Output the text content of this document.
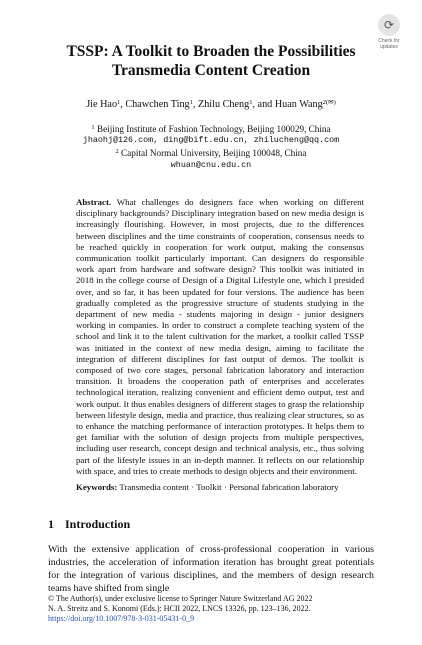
⟳
Check for
updates
TSSP: A Toolkit to Broaden the Possibilities
Transmedia Content Creation
Jie Hao$^1$, Chawchen Ting$^1$, Zhilu Cheng$^1$, and Huan Wang$^{2(✉)}$
$^1$ Beijing Institute of Fashion Technology, Beijing 100029, China
jhaohj@126.com, ding@bift.edu.cn, zhilucheng@qq.com
$^2$ Capital Normal University, Beijing 100048, China
whuan@cnu.edu.cn
Abstract. What challenges do designers face when working on different disciplinary backgrounds? Disciplinary integration based on new media design is increasingly flourishing. However, in most projects, due to the differences between disciplines and the time constraints of cooperation, consensus needs to be reached quickly in cooperation for work output, making the consensus communication toolkit particularly important. Can designers do responsible work apart from hardware and software design? This toolkit was initiated in 2018 in the college course of Design of a Digital Lifestyle one, which I presided over, and so far, it has been updated for four versions. The audience has been gradually completed as the progressive structure of students studying in the department of new media - students majoring in design - junior designers working in companies. In order to construct a complete teaching system of the school and link it to the talent cultivation for the market, a toolkit called TSSP was initiated in the context of new media design, aiming to facilitate the integration of different disciplines for fast output of demos. The toolkit is composed of two core stages, personal fabrication laboratory and interaction transition. It broadens the cooperation path of enterprises and accelerates technological iteration, realizing convenient and efficient demo output, test and work output. It thus enables designers of different stages to grasp the relationship between lifestyle design, media and practice, thus realizing clear structures, so as to enhance the matching performance of interaction prototypes. It helps them to get familiar with the solution of design projects from multiple perspectives, including user research, concept design and technical analysis, etc., thus solving part of the lifestyle issues in an in-depth manner. It reflects on our relationship with space, and tries to create methods to design objects and their environment.
Keywords: Transmedia content · Toolkit · Personal fabrication laboratory
1 Introduction
With the extensive application of cross-professional cooperation in various industries, the acceleration of information iteration has brought great potentials for the integration of various disciplines, and the members of design research teams have shifted from single
© The Author(s), under exclusive license to Springer Nature Switzerland AG 2022
N. A. Streitz and S. Konomi (Eds.): HCII 2022, LNCS 13326, pp. 123–136, 2022.
https://doi.org/10.1007/978-3-031-05431-0_9
